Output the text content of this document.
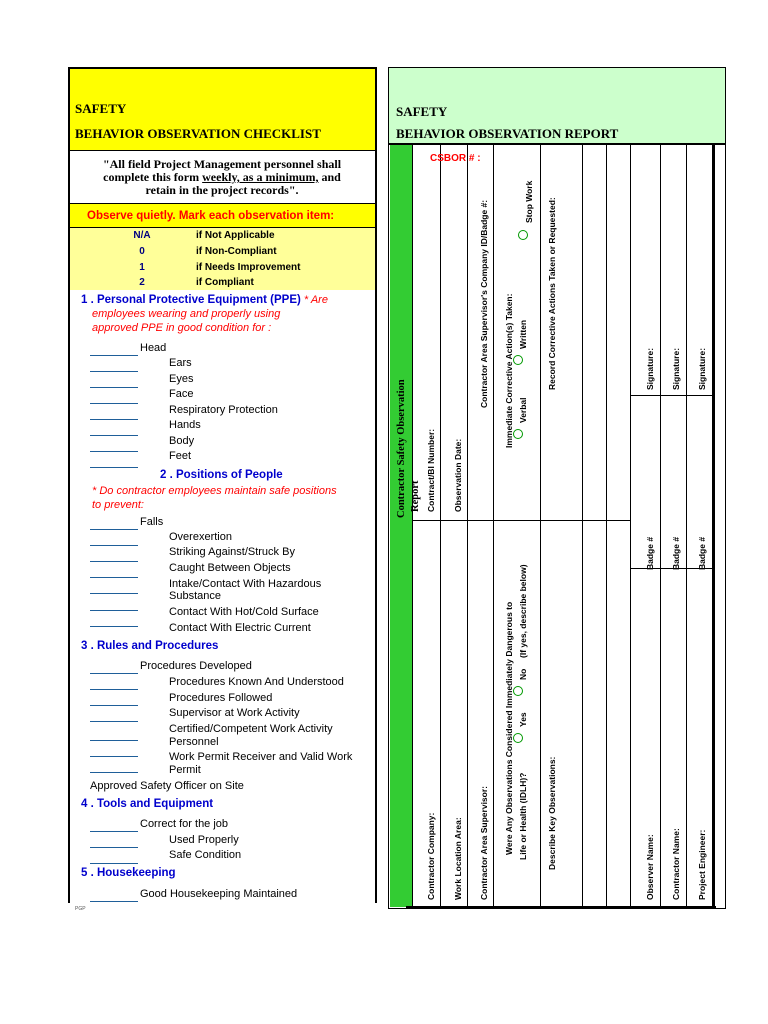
SAFETY
BEHAVIOR OBSERVATION CHECKLIST
"All field Project Management personnel shall
complete this form weekly, as a minimum, and
retain in the project records".
Observe quietly. Mark each observation item:
N/A	if Not Applicable
0	if Non-Compliant
1	if Needs Improvement
2	if Compliant
1 . Personal Protective Equipment (PPE) * Are
employees wearing and properly using
approved PPE in good condition for :
Head
Ears
Eyes
Face
Respiratory Protection
Hands
Body
Feet
2 . Positions of People
* Do contractor employees maintain safe positions
to prevent:
Falls
Overexertion
Striking Against/Struck By
Caught Between Objects
Intake/Contact With Hazardous
Substance
Contact With Hot/Cold Surface
Contact With Electric Current
3 . Rules and Procedures
Procedures Developed
Procedures Known And Understood
Procedures Followed
Supervisor at Work Activity
Certified/Competent Work Activity
Personnel
Work Permit Receiver and Valid Work
Permit
Approved Safety Officer on Site
4 . Tools and Equipment
Correct for the job
Used Properly
Safe Condition
5 . Housekeeping
Good Housekeeping Maintained
PGP
SAFETY
BEHAVIOR OBSERVATION REPORT
CSBOR # :
Contractor Safety Observation Report
Contractor Company:
Contract/BI Number:
Work Location Area:
Observation Date:
Contractor Area Supervisor:
Contractor Area Supervisor's Company ID/Badge #:
Were Any Observations Considered Immediately Dangerous to Life or Health (IDLH)?
Yes
No
(If yes, describe below)
Immediate Corrective Action(s) Taken: Verbal
Written
Stop Work
Describe Key Observations:
Record Corrective Actions Taken or Requested:
Observer Name:
Badge #
Signature:
Contractor Name:
Badge #
Signature:
Project Engineer:
Badge #
Signature:
